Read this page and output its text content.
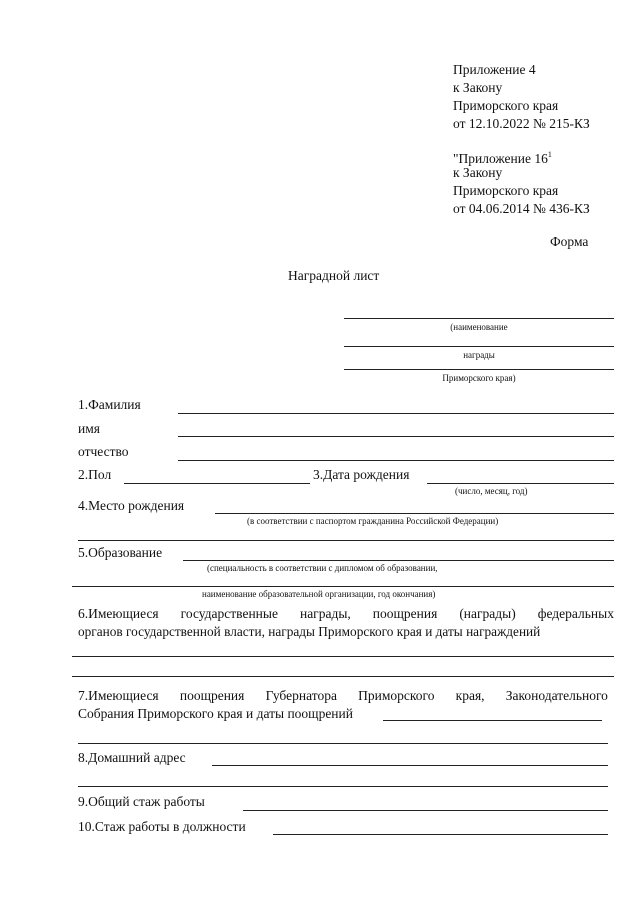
Приложение 4
к Закону
Приморского края
от 12.10.2022 № 215-КЗ
"Приложение $16^1$
к Закону
Приморского края
от 04.06.2014 № 436-КЗ
Форма
Наградной лист
(наименование
награды
Приморского края)
1.Фамилия
имя
отчество
2.Пол	3.Дата рождения
(число, месяц, год)
4.Место рождения
(в соответствии с паспортом гражданина Российской Федерации)
5.Образование
(специальность в соответствии с дипломом об образовании,
наименование образовательной организации, год окончания)
6.Имеющиеся государственные награды, поощрения (награды) федеральных
органов государственной власти, награды Приморского края и даты награждений
7.Имеющиеся поощрения Губернатора Приморского края, Законодательного
Собрания Приморского края и даты поощрений
8.Домашний адрес
9.Общий стаж работы
10.Стаж работы в должности
